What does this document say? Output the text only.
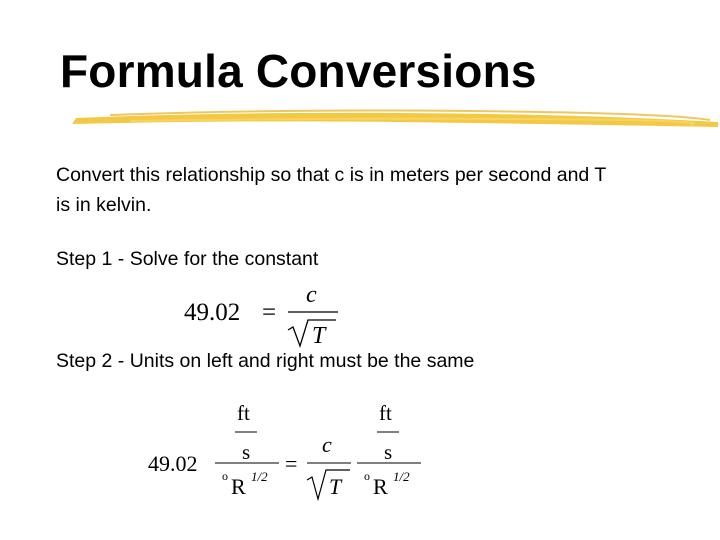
Formula Conversions
Convert this relationship so that c is in meters per second and T is in kelvin.
Step 1 - Solve for the constant
49.02 =
c
T
Step 2 - Units on left and right must be the same
49.02
ft
s
o R 1/2
=
c
T
ft
s
o R 1/2
